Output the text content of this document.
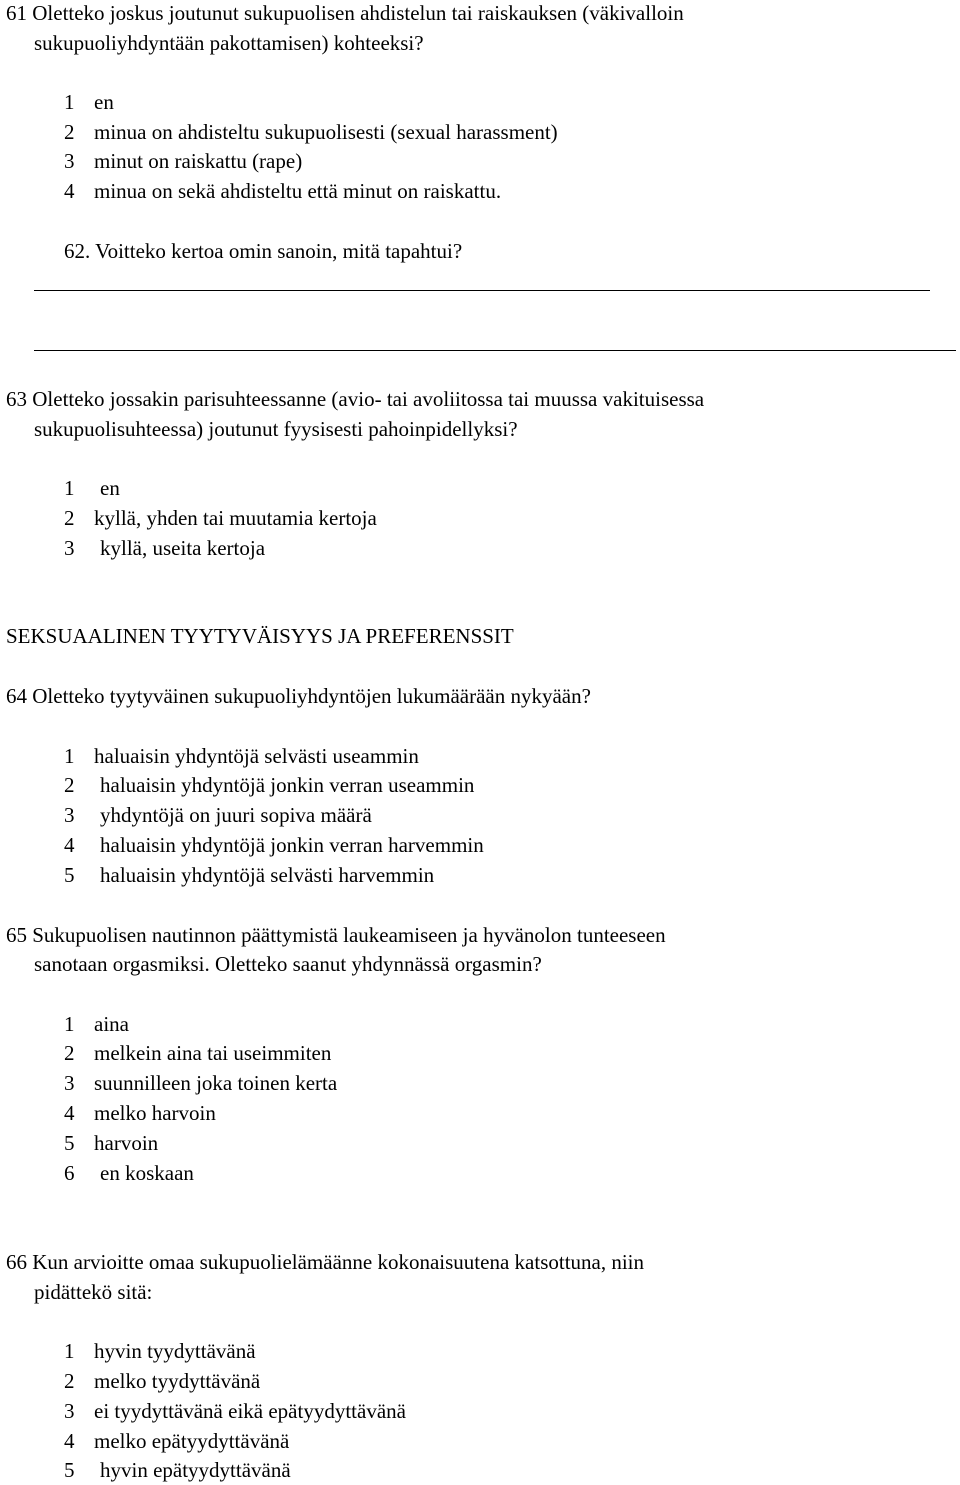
61 Oletteko joskus joutunut sukupuolisen ahdistelun tai raiskauksen (väkivalloin
sukupuoliyhdyntään pakottamisen) kohteeksi?
1 en
2 minua on ahdisteltu sukupuolisesti (sexual harassment)
3 minut on raiskattu (rape)
4 minua on sekä ahdisteltu että minut on raiskattu.
62. Voitteko kertoa omin sanoin, mitä tapahtui?
63 Oletteko jossakin parisuhteessanne (avio- tai avoliitossa tai muussa vakituisessa
sukupuolisuhteessa) joutunut fyysisesti pahoinpidellyksi?
1 en
2 kyllä, yhden tai muutamia kertoja
3 kyllä, useita kertoja
SEKSUAALINEN TYYTYVÄISYYS JA PREFERENSSIT
64 Oletteko tyytyväinen sukupuoliyhdyntöjen lukumäärään nykyään?
1 haluaisin yhdyntöjä selvästi useammin
2 haluaisin yhdyntöjä jonkin verran useammin
3 yhdyntöjä on juuri sopiva määrä
4 haluaisin yhdyntöjä jonkin verran harvemmin
5 haluaisin yhdyntöjä selvästi harvemmin
65 Sukupuolisen nautinnon päättymistä laukeamiseen ja hyvänolon tunteeseen
sanotaan orgasmiksi. Oletteko saanut yhdynnässä orgasmin?
1 aina
2 melkein aina tai useimmiten
3 suunnilleen joka toinen kerta
4 melko harvoin
5 harvoin
6 en koskaan
66 Kun arvioitte omaa sukupuolielämäänne kokonaisuutena katsottuna, niin
pidättekö sitä:
1 hyvin tyydyttävänä
2 melko tyydyttävänä
3 ei tyydyttävänä eikä epätyydyttävänä
4 melko epätyydyttävänä
5 hyvin epätyydyttävänä
